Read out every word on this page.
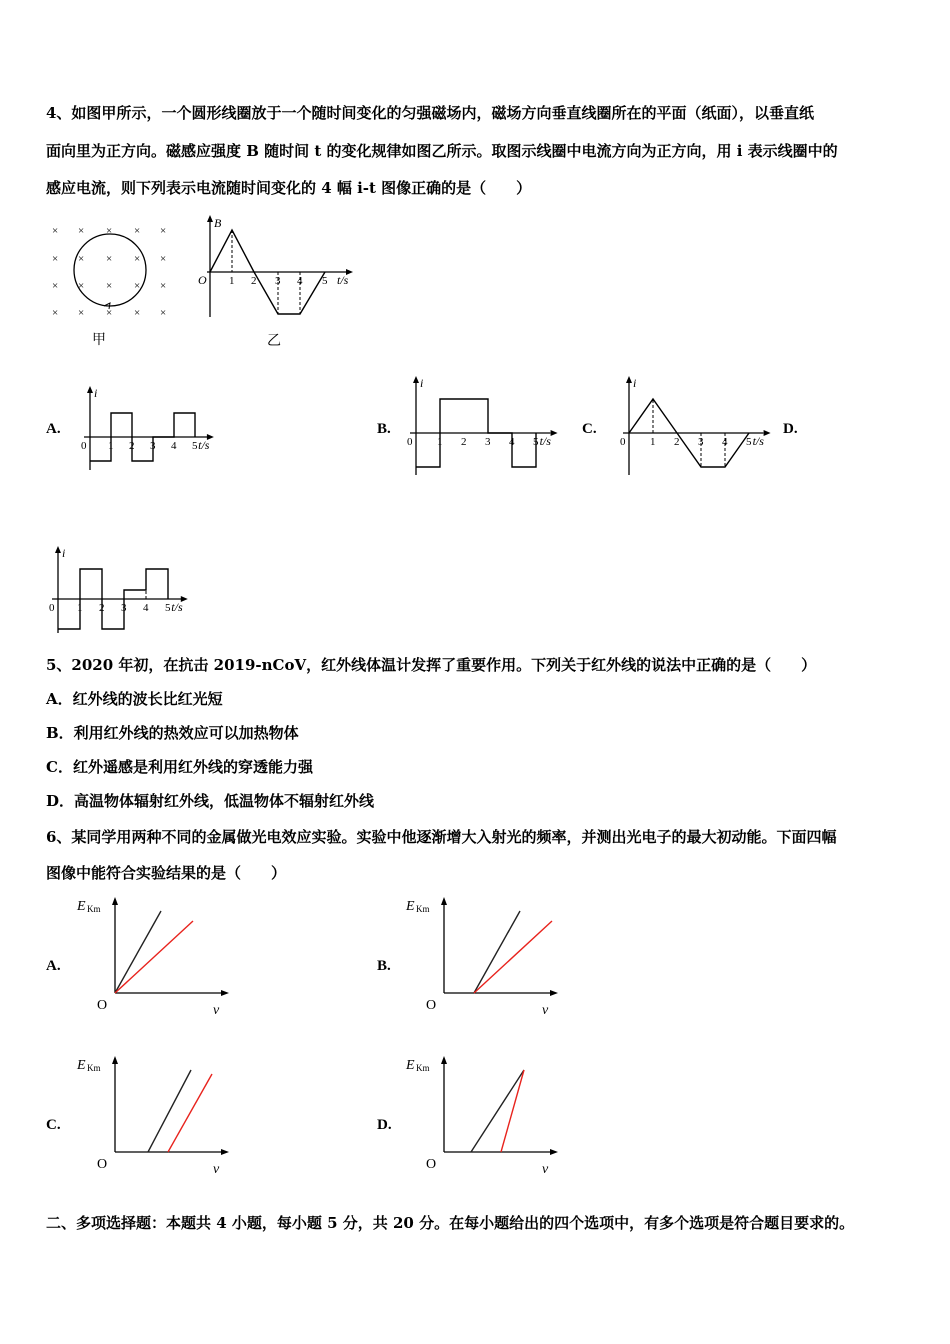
4、如图甲所示，一个圆形线圈放于一个随时间变化的匀强磁场内，磁场方向垂直线圈所在的平面（纸面），以垂直纸
面向里为正方向。磁感应强度 B 随时间 t 的变化规律如图乙所示。取图示线圈中电流方向为正方向，用 i 表示线圈中的
感应电流，则下列表示电流随时间变化的 4 幅 i-t 图像正确的是（　　）
× × × × ×
× × × × ×
× × × × ×
× × × × ×
甲
B
O	t/s
1 2 3 4 5
乙
A.	B.	C.	D.
i
0	t/s
1 2 3 4 5
i
0	t/s
1 2 3 4 5
i
0	t/s
1 2 3 4 5
i
0	t/s
1 2 3 4 5
5、2020 年初，在抗击 2019-nCoV，红外线体温计发挥了重要作用。下列关于红外线的说法中正确的是（　　）
A．红外线的波长比红光短
B．利用红外线的热效应可以加热物体
C．红外遥感是利用红外线的穿透能力强
D．高温物体辐射红外线，低温物体不辐射红外线
6、某同学用两种不同的金属做光电效应实验。实验中他逐渐增大入射光的频率，并测出光电子的最大初动能。下面四幅
图像中能符合实验结果的是（　　）
A.	B.
C.	D.
E Km
O	ν
E Km
O	ν
E Km
O	ν
E Km
O	ν
二、多项选择题：本题共 4 小题，每小题 5 分，共 20 分。在每小题给出的四个选项中，有多个选项是符合题目要求的。
